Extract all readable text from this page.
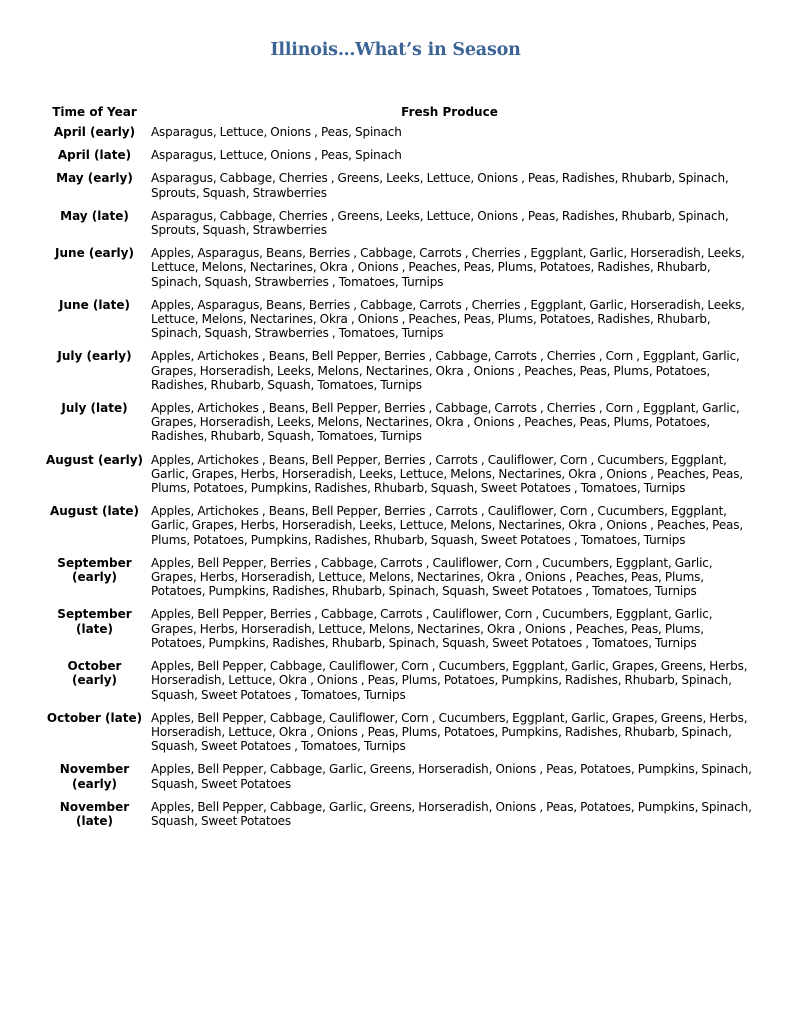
Illinois…What’s in Season
Time of Year	Fresh Produce
April (early)	Asparagus, Lettuce, Onions , Peas, Spinach
April (late)	Asparagus, Lettuce, Onions , Peas, Spinach
May (early)	Asparagus, Cabbage, Cherries , Greens, Leeks, Lettuce, Onions , Peas, Radishes, Rhubarb, Spinach, Sprouts, Squash, Strawberries
May (late)	Asparagus, Cabbage, Cherries , Greens, Leeks, Lettuce, Onions , Peas, Radishes, Rhubarb, Spinach, Sprouts, Squash, Strawberries
June (early)	Apples, Asparagus, Beans, Berries , Cabbage, Carrots , Cherries , Eggplant, Garlic, Horseradish, Leeks, Lettuce, Melons, Nectarines, Okra , Onions , Peaches, Peas, Plums, Potatoes, Radishes, Rhubarb, Spinach, Squash, Strawberries , Tomatoes, Turnips
June (late)	Apples, Asparagus, Beans, Berries , Cabbage, Carrots , Cherries , Eggplant, Garlic, Horseradish, Leeks, Lettuce, Melons, Nectarines, Okra , Onions , Peaches, Peas, Plums, Potatoes, Radishes, Rhubarb, Spinach, Squash, Strawberries , Tomatoes, Turnips
July (early)	Apples, Artichokes , Beans, Bell Pepper, Berries , Cabbage, Carrots , Cherries , Corn , Eggplant, Garlic, Grapes, Horseradish, Leeks, Melons, Nectarines, Okra , Onions , Peaches, Peas, Plums, Potatoes, Radishes, Rhubarb, Squash, Tomatoes, Turnips
July (late)	Apples, Artichokes , Beans, Bell Pepper, Berries , Cabbage, Carrots , Cherries , Corn , Eggplant, Garlic, Grapes, Horseradish, Leeks, Melons, Nectarines, Okra , Onions , Peaches, Peas, Plums, Potatoes, Radishes, Rhubarb, Squash, Tomatoes, Turnips
August (early)	Apples, Artichokes , Beans, Bell Pepper, Berries , Carrots , Cauliflower, Corn , Cucumbers, Eggplant, Garlic, Grapes, Herbs, Horseradish, Leeks, Lettuce, Melons, Nectarines, Okra , Onions , Peaches, Peas, Plums, Potatoes, Pumpkins, Radishes, Rhubarb, Squash, Sweet Potatoes , Tomatoes, Turnips
August (late)	Apples, Artichokes , Beans, Bell Pepper, Berries , Carrots , Cauliflower, Corn , Cucumbers, Eggplant, Garlic, Grapes, Herbs, Horseradish, Leeks, Lettuce, Melons, Nectarines, Okra , Onions , Peaches, Peas, Plums, Potatoes, Pumpkins, Radishes, Rhubarb, Squash, Sweet Potatoes , Tomatoes, Turnips
September (early)	Apples, Bell Pepper, Berries , Cabbage, Carrots , Cauliflower, Corn , Cucumbers, Eggplant, Garlic, Grapes, Herbs, Horseradish, Lettuce, Melons, Nectarines, Okra , Onions , Peaches, Peas, Plums, Potatoes, Pumpkins, Radishes, Rhubarb, Spinach, Squash, Sweet Potatoes , Tomatoes, Turnips
September (late)	Apples, Bell Pepper, Berries , Cabbage, Carrots , Cauliflower, Corn , Cucumbers, Eggplant, Garlic, Grapes, Herbs, Horseradish, Lettuce, Melons, Nectarines, Okra , Onions , Peaches, Peas, Plums, Potatoes, Pumpkins, Radishes, Rhubarb, Spinach, Squash, Sweet Potatoes , Tomatoes, Turnips
October (early)	Apples, Bell Pepper, Cabbage, Cauliflower, Corn , Cucumbers, Eggplant, Garlic, Grapes, Greens, Herbs, Horseradish, Lettuce, Okra , Onions , Peas, Plums, Potatoes, Pumpkins, Radishes, Rhubarb, Spinach, Squash, Sweet Potatoes , Tomatoes, Turnips
October (late)	Apples, Bell Pepper, Cabbage, Cauliflower, Corn , Cucumbers, Eggplant, Garlic, Grapes, Greens, Herbs, Horseradish, Lettuce, Okra , Onions , Peas, Plums, Potatoes, Pumpkins, Radishes, Rhubarb, Spinach, Squash, Sweet Potatoes , Tomatoes, Turnips
November (early)	Apples, Bell Pepper, Cabbage, Garlic, Greens, Horseradish, Onions , Peas, Potatoes, Pumpkins, Spinach, Squash, Sweet Potatoes
November (late)	Apples, Bell Pepper, Cabbage, Garlic, Greens, Horseradish, Onions , Peas, Potatoes, Pumpkins, Spinach, Squash, Sweet Potatoes
